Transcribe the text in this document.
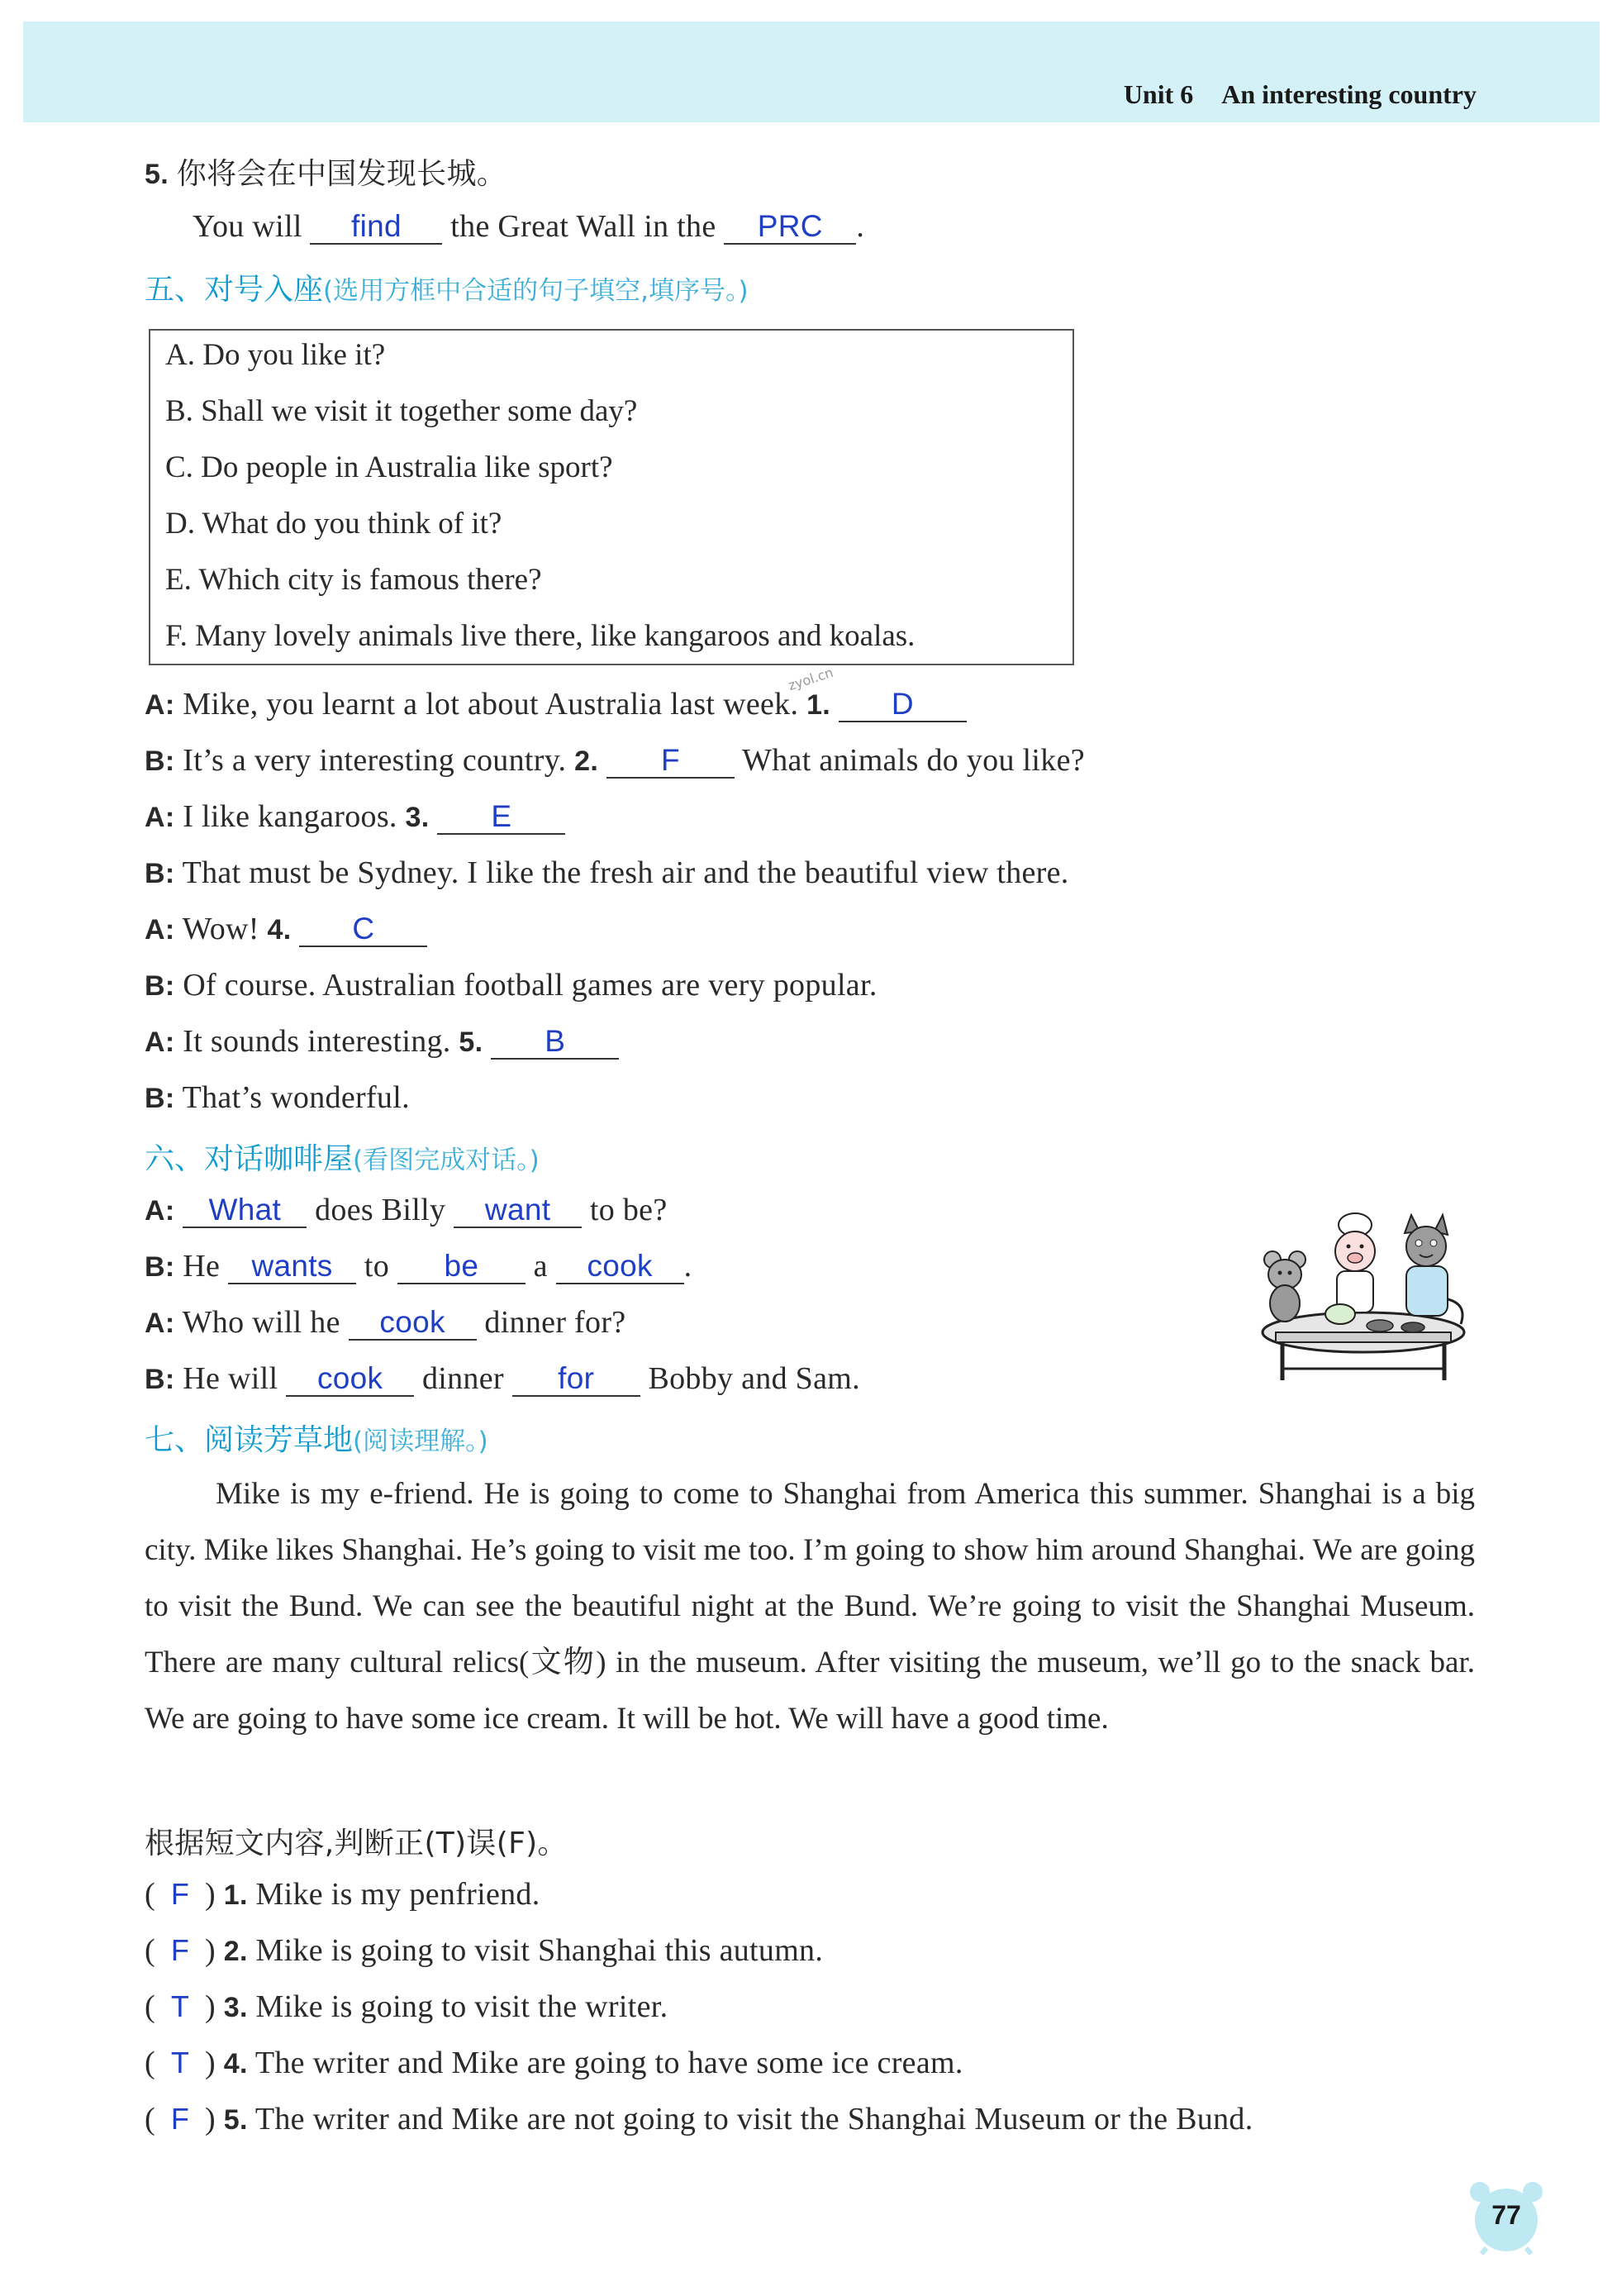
Unit 6 An interesting country
5. 你将会在中国发现长城。
You will find the Great Wall in the PRC .
五、对号入座(选用方框中合适的句子填空,填序号。)
A. Do you like it?
B. Shall we visit it together some day?
C. Do people in Australia like sport?
D. What do you think of it?
E. Which city is famous there?
F. Many lovely animals live there, like kangaroos and koalas.
zyol.cn
A: Mike, you learnt a lot about Australia last week. 1. D
B: It’s a very interesting country. 2. F What animals do you like?
A: I like kangaroos. 3. E
B: That must be Sydney. I like the fresh air and the beautiful view there.
A: Wow! 4. C
B: Of course. Australian football games are very popular.
A: It sounds interesting. 5. B
B: That’s wonderful.
六、对话咖啡屋(看图完成对话。)
A: What does Billy want to be?
B: He wants to be a cook .
A: Who will he cook dinner for?
B: He will cook dinner for Bobby and Sam.
七、阅读芳草地(阅读理解。)
Mike is my e-friend. He is going to come to Shanghai from America this summer. Shanghai is a big city. Mike likes Shanghai. He’s going to visit me too. I’m going to show him around Shanghai. We are going to visit the Bund. We can see the beautiful night at the Bund. We’re going to visit the Shanghai Museum. There are many cultural relics(文物) in the museum. After visiting the museum, we’ll go to the snack bar. We are going to have some ice cream. It will be hot. We will have a good time.
根据短文内容,判断正(T)误(F)。
( F ) 1. Mike is my penfriend.
( F ) 2. Mike is going to visit Shanghai this autumn.
( T ) 3. Mike is going to visit the writer.
( T ) 4. The writer and Mike are going to have some ice cream.
( F ) 5. The writer and Mike are not going to visit the Shanghai Museum or the Bund.
77
